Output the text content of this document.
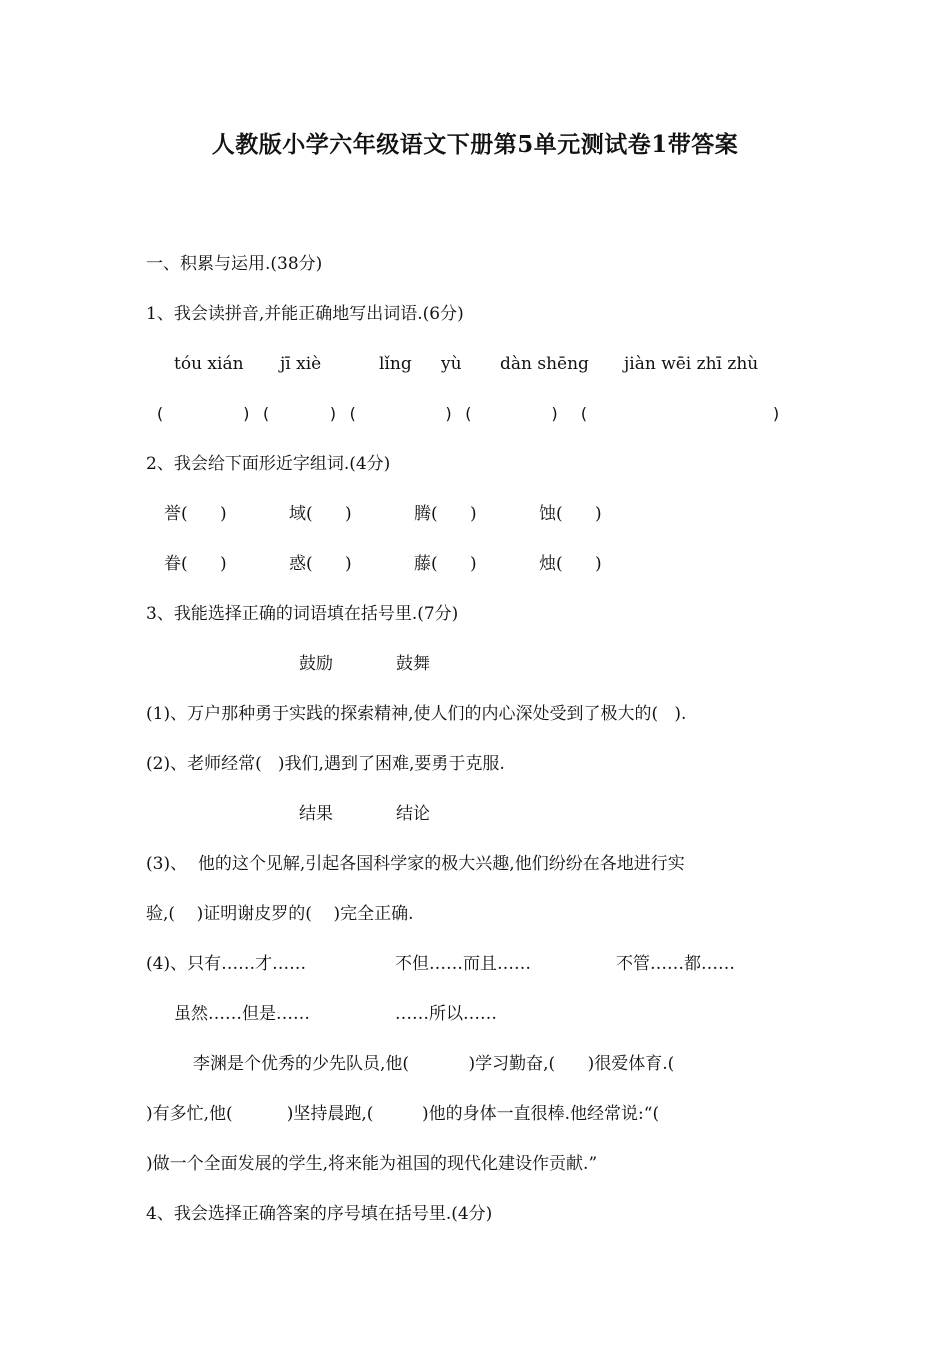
人教版小学六年级语文下册第5单元测试卷1带答案
一、积累与运用.(38分)
1、我会读拼音,并能正确地写出词语.(6分)
tóu xián jī xiè	lǐng yù dàn shēng jiàn wēi zhī zhù
(        ) (      ) (         ) (        )  (                   )
2、我会给下面形近字组词.(4分)
誉(      )	域(      )	腾(      )	蚀(      )
眷(      )	惑(      )	藤(      )	烛(      )
3、我能选择正确的词语填在括号里.(7分)
鼓励	鼓舞
(1)、万户那种勇于实践的探索精神,使人们的内心深处受到了极大的(   ).
(2)、老师经常(   )我们,遇到了困难,要勇于克服.
结果	结论
(3)、  他的这个见解,引起各国科学家的极大兴趣,他们纷纷在各地进行实
验,(    )证明谢皮罗的(    )完全正确.
(4)、只有……才……	不但……而且……	不管……都……
虽然……但是……	……所以……
李渊是个优秀的少先队员,他(           )学习勤奋,(      )很爱体育.(
)有多忙,他(          )坚持晨跑,(         )他的身体一直很棒.他经常说:“(
)做一个全面发展的学生,将来能为祖国的现代化建设作贡献.”
4、我会选择正确答案的序号填在括号里.(4分)
